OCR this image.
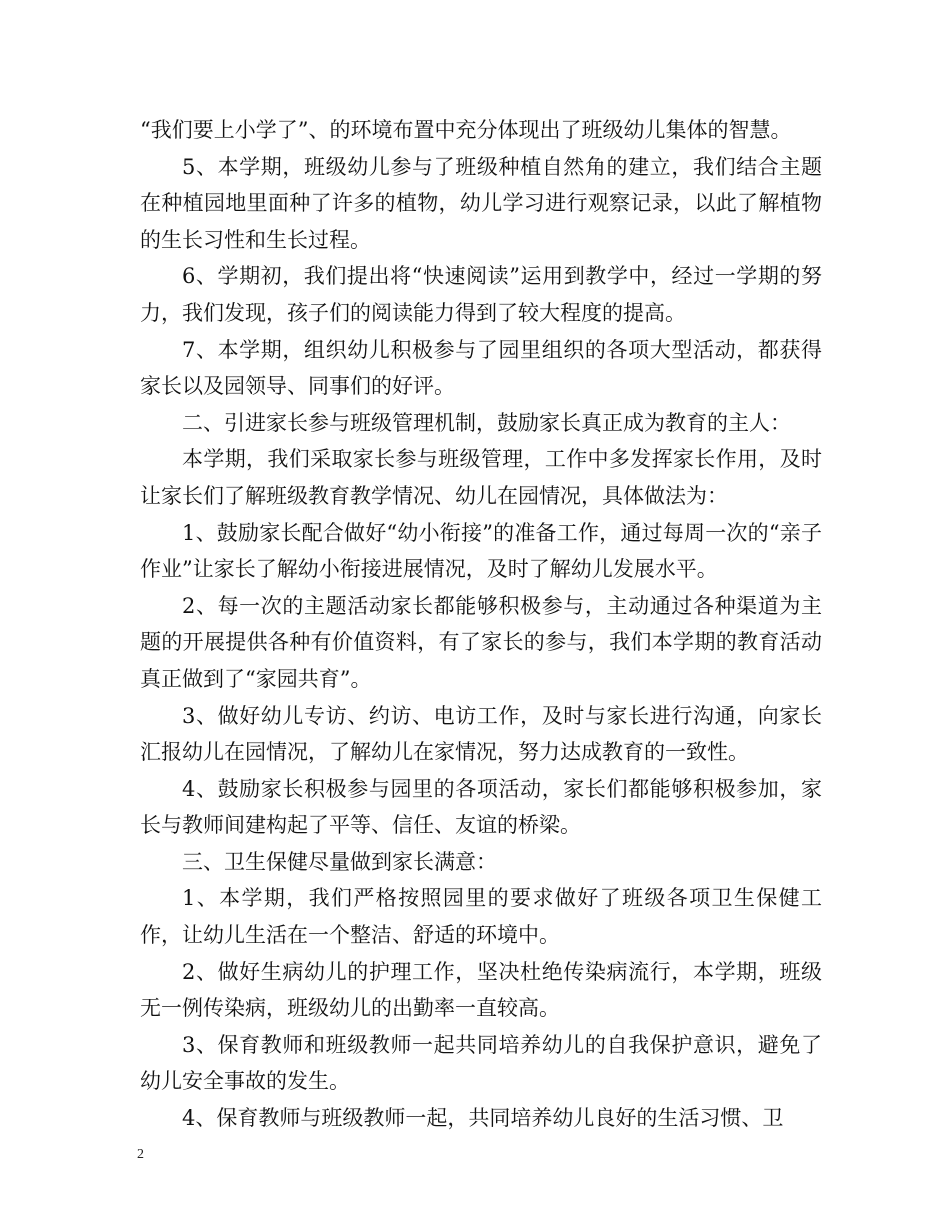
“我们要上小学了”、的环境布置中充分体现出了班级幼儿集体的智慧。

5、本学期，班级幼儿参与了班级种植自然角的建立，我们结合主题在种植园地里面种了许多的植物，幼儿学习进行观察记录，以此了解植物的生长习性和生长过程。

6、学期初，我们提出将“快速阅读”运用到教学中，经过一学期的努力，我们发现，孩子们的阅读能力得到了较大程度的提高。

7、本学期，组织幼儿积极参与了园里组织的各项大型活动，都获得家长以及园领导、同事们的好评。

二、引进家长参与班级管理机制，鼓励家长真正成为教育的主人：

本学期，我们采取家长参与班级管理，工作中多发挥家长作用，及时让家长们了解班级教育教学情况、幼儿在园情况，具体做法为：

1、鼓励家长配合做好“幼小衔接”的准备工作，通过每周一次的“亲子作业”让家长了解幼小衔接进展情况，及时了解幼儿发展水平。

2、每一次的主题活动家长都能够积极参与，主动通过各种渠道为主题的开展提供各种有价值资料，有了家长的参与，我们本学期的教育活动真正做到了“家园共育”。

3、做好幼儿专访、约访、电访工作，及时与家长进行沟通，向家长汇报幼儿在园情况，了解幼儿在家情况，努力达成教育的一致性。

4、鼓励家长积极参与园里的各项活动，家长们都能够积极参加，家长与教师间建构起了平等、信任、友谊的桥梁。

三、卫生保健尽量做到家长满意：

1、本学期，我们严格按照园里的要求做好了班级各项卫生保健工作，让幼儿生活在一个整洁、舒适的环境中。

2、做好生病幼儿的护理工作，坚决杜绝传染病流行，本学期，班级无一例传染病，班级幼儿的出勤率一直较高。

3、保育教师和班级教师一起共同培养幼儿的自我保护意识，避免了幼儿安全事故的发生。

4、保育教师与班级教师一起，共同培养幼儿良好的生活习惯、卫

2
